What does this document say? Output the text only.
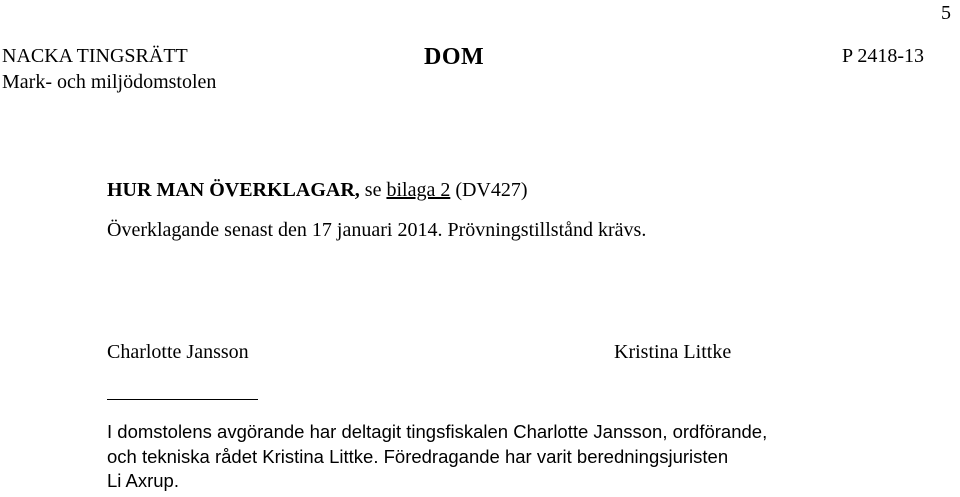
5
NACKA TINGSRÄTT
Mark- och miljödomstolen
DOM	P 2418-13
HUR MAN ÖVERKLAGAR, se bilaga 2 (DV427)
Överklagande senast den 17 januari 2014. Prövningstillstånd krävs.
Charlotte Jansson	Kristina Littke
I domstolens avgörande har deltagit tingsfiskalen Charlotte Jansson, ordförande,
och tekniska rådet Kristina Littke. Föredragande har varit beredningsjuristen
Li Axrup.
